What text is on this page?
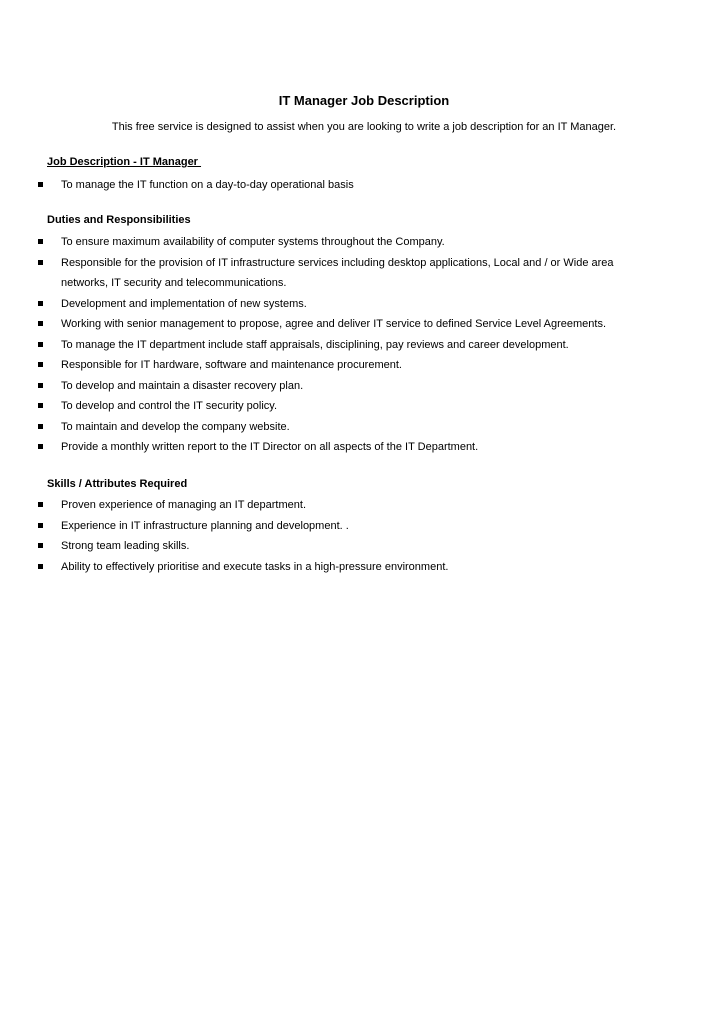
IT Manager Job Description
This free service is designed to assist when you are looking to write a job description for an IT Manager.
Job Description - IT Manager
To manage the IT function on a day-to-day operational basis
Duties and Responsibilities
To ensure maximum availability of computer systems throughout the Company.
Responsible for the provision of IT infrastructure services including desktop applications, Local and / or Wide area networks, IT security and telecommunications.
Development and implementation of new systems.
Working with senior management to propose, agree and deliver IT service to defined Service Level Agreements.
To manage the IT department include staff appraisals, disciplining, pay reviews and career development.
Responsible for IT hardware, software and maintenance procurement.
To develop and maintain a disaster recovery plan.
To develop and control the IT security policy.
To maintain and develop the company website.
Provide a monthly written report to the IT Director on all aspects of the IT Department.
Skills / Attributes Required
Proven experience of managing an IT department.
Experience in IT infrastructure planning and development. .
Strong team leading skills.
Ability to effectively prioritise and execute tasks in a high-pressure environment.
